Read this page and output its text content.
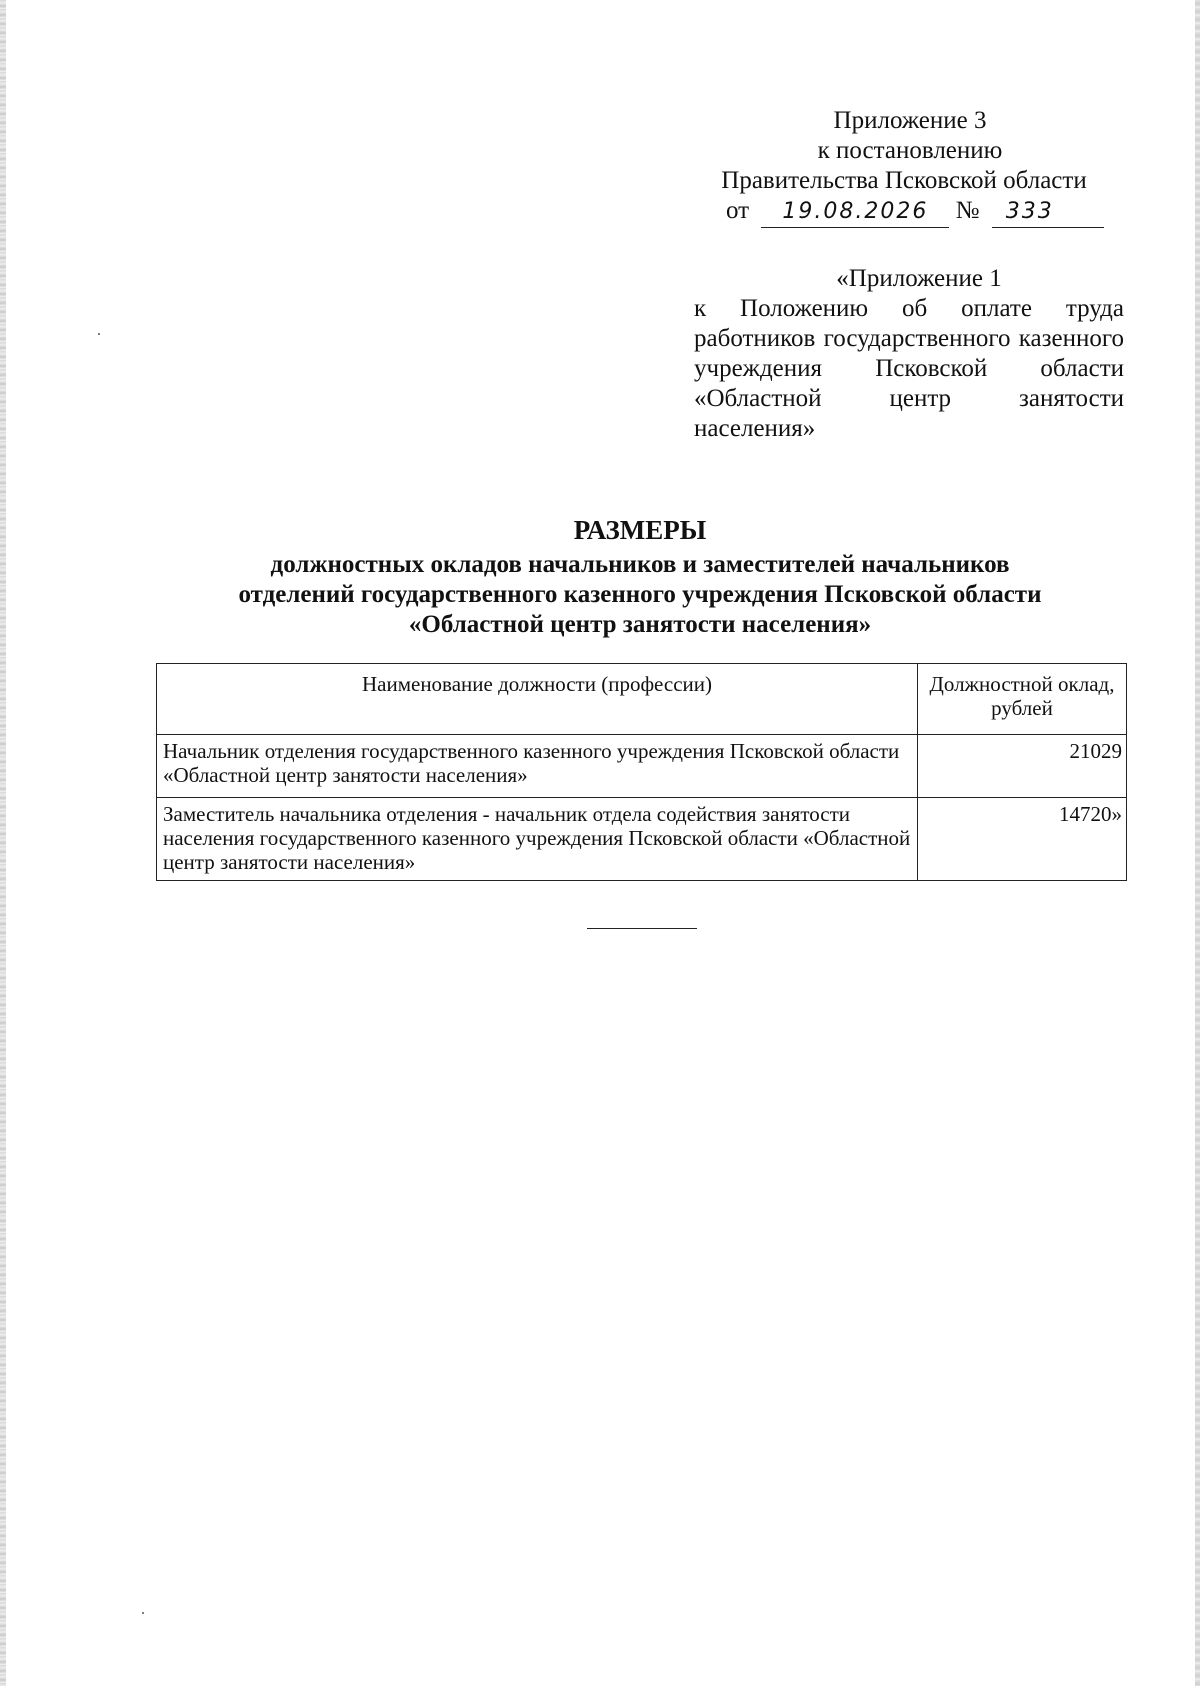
Приложение 3
к постановлению
Правительства Псковской области
от 19.08.2026 № 333
«Приложение 1
к Положению об оплате труда работников государственного казенного учреждения Псковской области «Областной центр занятости населения»
РАЗМЕРЫ
должностных окладов начальников и заместителей начальников
отделений государственного казенного учреждения Псковской области
«Областной центр занятости населения»
Наименование должности (профессии)	Должностной оклад, рублей
Начальник отделения государственного казенного учреждения Псковской области «Областной центр занятости населения»	21029
Заместитель начальника отделения - начальник отдела содействия занятости населения государственного казенного учреждения Псковской области «Областной центр занятости населения»	14720»
